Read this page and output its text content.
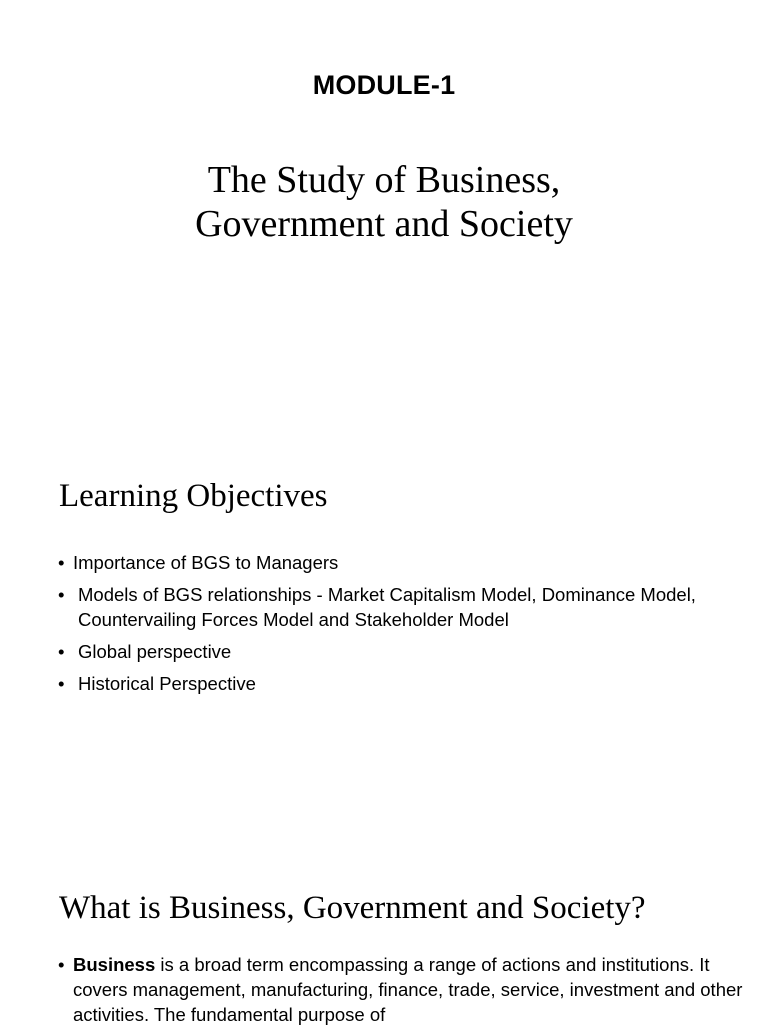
MODULE-1
The Study of Business,
Government and Society
Learning Objectives
• Importance of BGS to Managers
• Models of BGS relationships - Market Capitalism Model, Dominance Model, Countervailing Forces Model and Stakeholder Model
• Global perspective
• Historical Perspective
What is Business, Government and Society?
• Business is a broad term encompassing a range of actions and institutions. It covers management, manufacturing, finance, trade, service, investment and other activities. The fundamental purpose of
